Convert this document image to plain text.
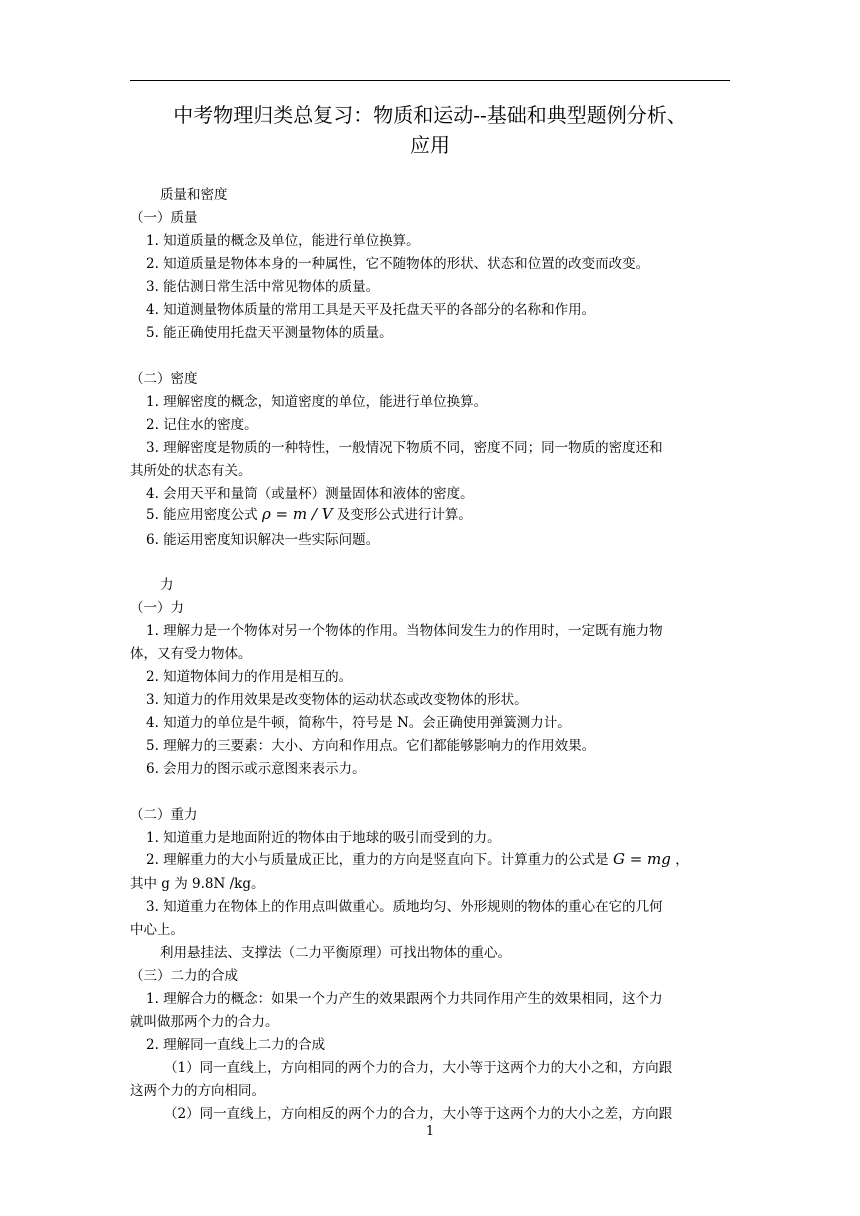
中考物理归类总复习：物质和运动--基础和典型题例分析、
应用
质量和密度
（一）质量
1. 知道质量的概念及单位，能进行单位换算。
2. 知道质量是物体本身的一种属性，它不随物体的形状、状态和位置的改变而改变。
3. 能估测日常生活中常见物体的质量。
4. 知道测量物体质量的常用工具是天平及托盘天平的各部分的名称和作用。
5. 能正确使用托盘天平测量物体的质量。
（二）密度
1. 理解密度的概念，知道密度的单位，能进行单位换算。
2. 记住水的密度。
3. 理解密度是物质的一种特性，一般情况下物质不同，密度不同；同一物质的密度还和
其所处的状态有关。
4. 会用天平和量筒（或量杯）测量固体和液体的密度。
5. 能应用密度公式 ρ = m / V 及变形公式进行计算。
6. 能运用密度知识解决一些实际问题。
力
（一）力
1. 理解力是一个物体对另一个物体的作用。当物体间发生力的作用时，一定既有施力物
体，又有受力物体。
2. 知道物体间力的作用是相互的。
3. 知道力的作用效果是改变物体的运动状态或改变物体的形状。
4. 知道力的单位是牛顿，简称牛，符号是 N。会正确使用弹簧测力计。
5. 理解力的三要素：大小、方向和作用点。它们都能够影响力的作用效果。
6. 会用力的图示或示意图来表示力。
（二）重力
1. 知道重力是地面附近的物体由于地球的吸引而受到的力。
2. 理解重力的大小与质量成正比，重力的方向是竖直向下。计算重力的公式是 G = mg ，
其中 g 为 9.8N /kg。
3. 知道重力在物体上的作用点叫做重心。质地均匀、外形规则的物体的重心在它的几何
中心上。
利用悬挂法、支撑法（二力平衡原理）可找出物体的重心。
（三）二力的合成
1. 理解合力的概念：如果一个力产生的效果跟两个力共同作用产生的效果相同，这个力
就叫做那两个力的合力。
2. 理解同一直线上二力的合成
（1）同一直线上，方向相同的两个力的合力，大小等于这两个力的大小之和，方向跟
这两个力的方向相同。
（2）同一直线上，方向相反的两个力的合力，大小等于这两个力的大小之差，方向跟
1
